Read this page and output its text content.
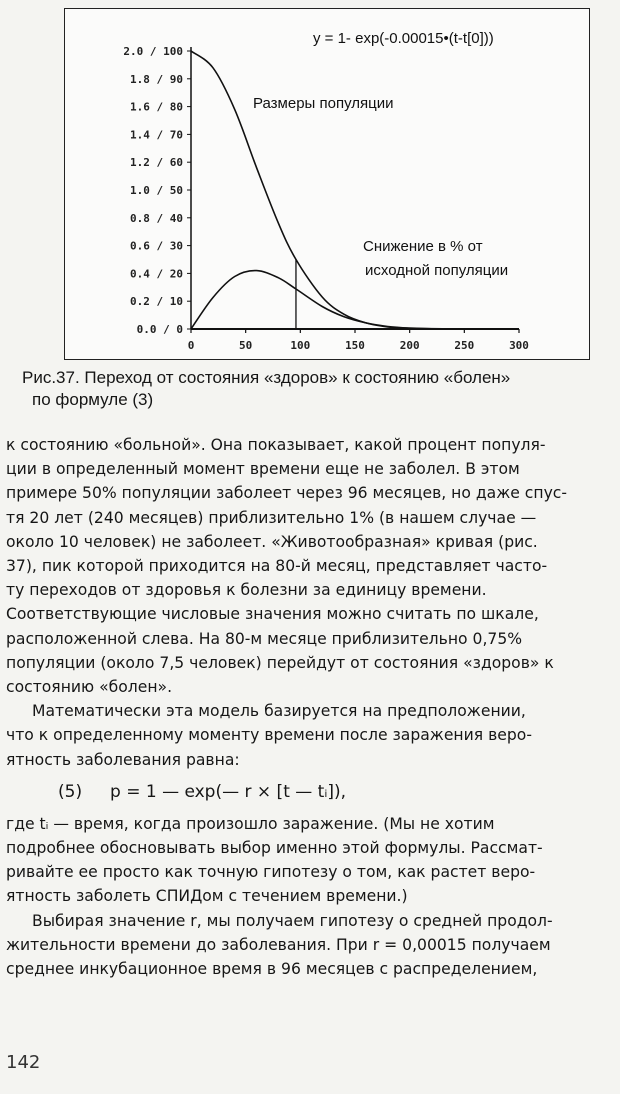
y = 1- exp(-0.00015•(t-t[0]))
Размеры популяции
Снижение в % от
исходной популяции
2.0 / 100
1.8 / 90
1.6 / 80
1.4 / 70
1.2 / 60
1.0 / 50
0.8 / 40
0.6 / 30
0.4 / 20
0.2 / 10
0.0 / 0
0	50	100	150	200	250	300

Рис.37. Переход от состояния «здоров» к состоянию «болен»

по формуле (3)

к состоянию «больной». Она показывает, какой процент популя-

ции в определенный момент времени еще не заболел. В этом

примере 50% популяции заболеет через 96 месяцев, но даже спус-

тя 20 лет (240 месяцев) приблизительно 1% (в нашем случае —

около 10 человек) не заболеет. «Животообразная» кривая (рис.

37), пик которой приходится на 80-й месяц, представляет часто-

ту переходов от здоровья к болезни за единицу времени.

Соответствующие числовые значения можно считать по шкале,

расположенной слева. На 80-м месяце приблизительно 0,75%

популяции (около 7,5 человек) перейдут от состояния «здоров» к

состоянию «болен».

Математически эта модель базируется на предположении,

что к определенному моменту времени после заражения веро-

ятность заболевания равна:

(5) p = 1 — exp(— r × [t — tᵢ]),

где tᵢ — время, когда произошло заражение. (Мы не хотим

подробнее обосновывать выбор именно этой формулы. Рассмат-

ривайте ее просто как точную гипотезу о том, как растет веро-

ятность заболеть СПИДом с течением времени.)

Выбирая значение r, мы получаем гипотезу о средней продол-

жительности времени до заболевания. При r = 0,00015 получаем

среднее инкубационное время в 96 месяцев с распределением,

142
